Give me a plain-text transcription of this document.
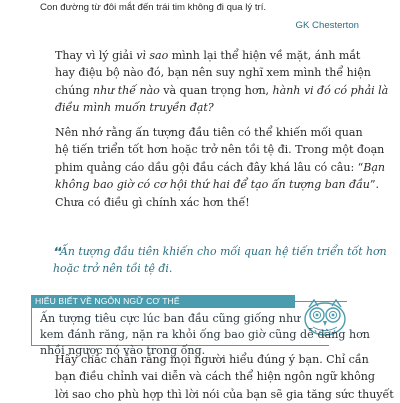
Con đường từ đôi mắt đến trái tim không đi qua lý trí.
GK Chesterton
Thay vì lý giải vì sao mình lại thể hiện về mặt, ánh mắt
hay điệu bộ nào đó, bạn nên suy nghĩ xem mình thể hiện
chúng như thế nào và quan trọng hơn, hành vi đó có phải là
điều mình muốn truyền đạt?
Nên nhớ rằng ấn tượng đầu tiên có thể khiến mối quan
hệ tiến triển tốt hơn hoặc trở nên tồi tệ đi. Trong một đoạn
phim quảng cáo dầu gội đầu cách đây khá lâu có câu: “Bạn
không bao giờ có cơ hội thứ hai để tạo ấn tượng ban đầu”.
Chưa có điều gì chính xác hơn thế!
❛❛Ấn tượng đầu tiên khiến cho mối quan hệ tiến triển tốt hơn
hoặc trở nên tồi tệ đi.
HIỂU BIẾT VỀ NGÔN NGỮ CƠ THỂ
Ấn tượng tiêu cực lúc ban đầu cũng giống như
kem đánh răng, nặn ra khỏi ống bao giờ cũng dễ dàng hơn
nhồi ngược nó vào trong ống.
Hãy chắc chắn rằng mọi người hiểu đúng ý bạn. Chỉ cần
bạn điều chỉnh vai diễn và cách thể hiện ngôn ngữ không
lời sao cho phù hợp thì lời nói của bạn sẽ gia tăng sức thuyết
